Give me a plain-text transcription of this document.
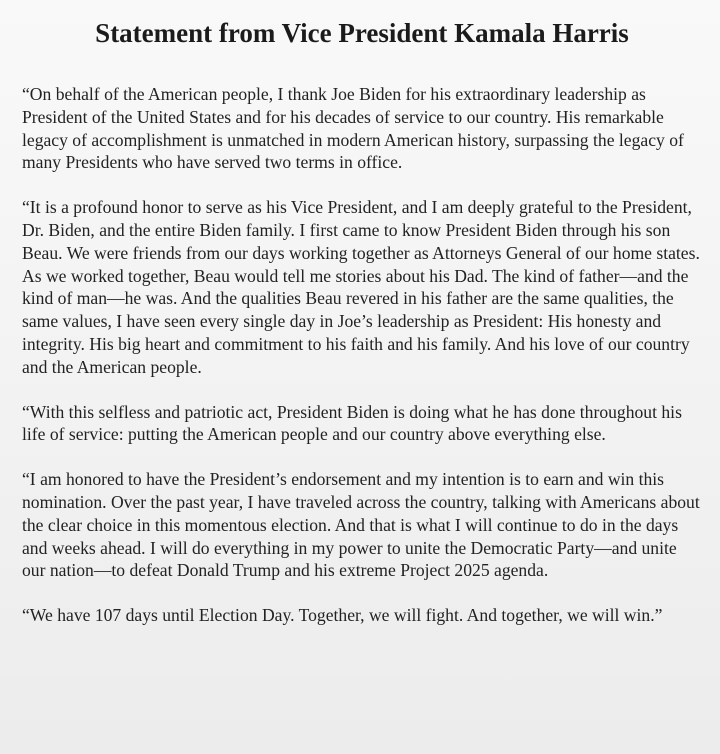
Statement from Vice President Kamala Harris

“On behalf of the American people, I thank Joe Biden for his extraordinary leadership as President of the United States and for his decades of service to our country. His remarkable legacy of accomplishment is unmatched in modern American history, surpassing the legacy of many Presidents who have served two terms in office.

“It is a profound honor to serve as his Vice President, and I am deeply grateful to the President, Dr. Biden, and the entire Biden family. I first came to know President Biden through his son Beau. We were friends from our days working together as Attorneys General of our home states. As we worked together, Beau would tell me stories about his Dad. The kind of father—and the kind of man—he was. And the qualities Beau revered in his father are the same qualities, the same values, I have seen every single day in Joe’s leadership as President: His honesty and integrity. His big heart and commitment to his faith and his family. And his love of our country and the American people.

“With this selfless and patriotic act, President Biden is doing what he has done throughout his life of service: putting the American people and our country above everything else.

“I am honored to have the President’s endorsement and my intention is to earn and win this nomination. Over the past year, I have traveled across the country, talking with Americans about the clear choice in this momentous election. And that is what I will continue to do in the days and weeks ahead. I will do everything in my power to unite the Democratic Party—and unite our nation—to defeat Donald Trump and his extreme Project 2025 agenda.

“We have 107 days until Election Day. Together, we will fight. And together, we will win.”
